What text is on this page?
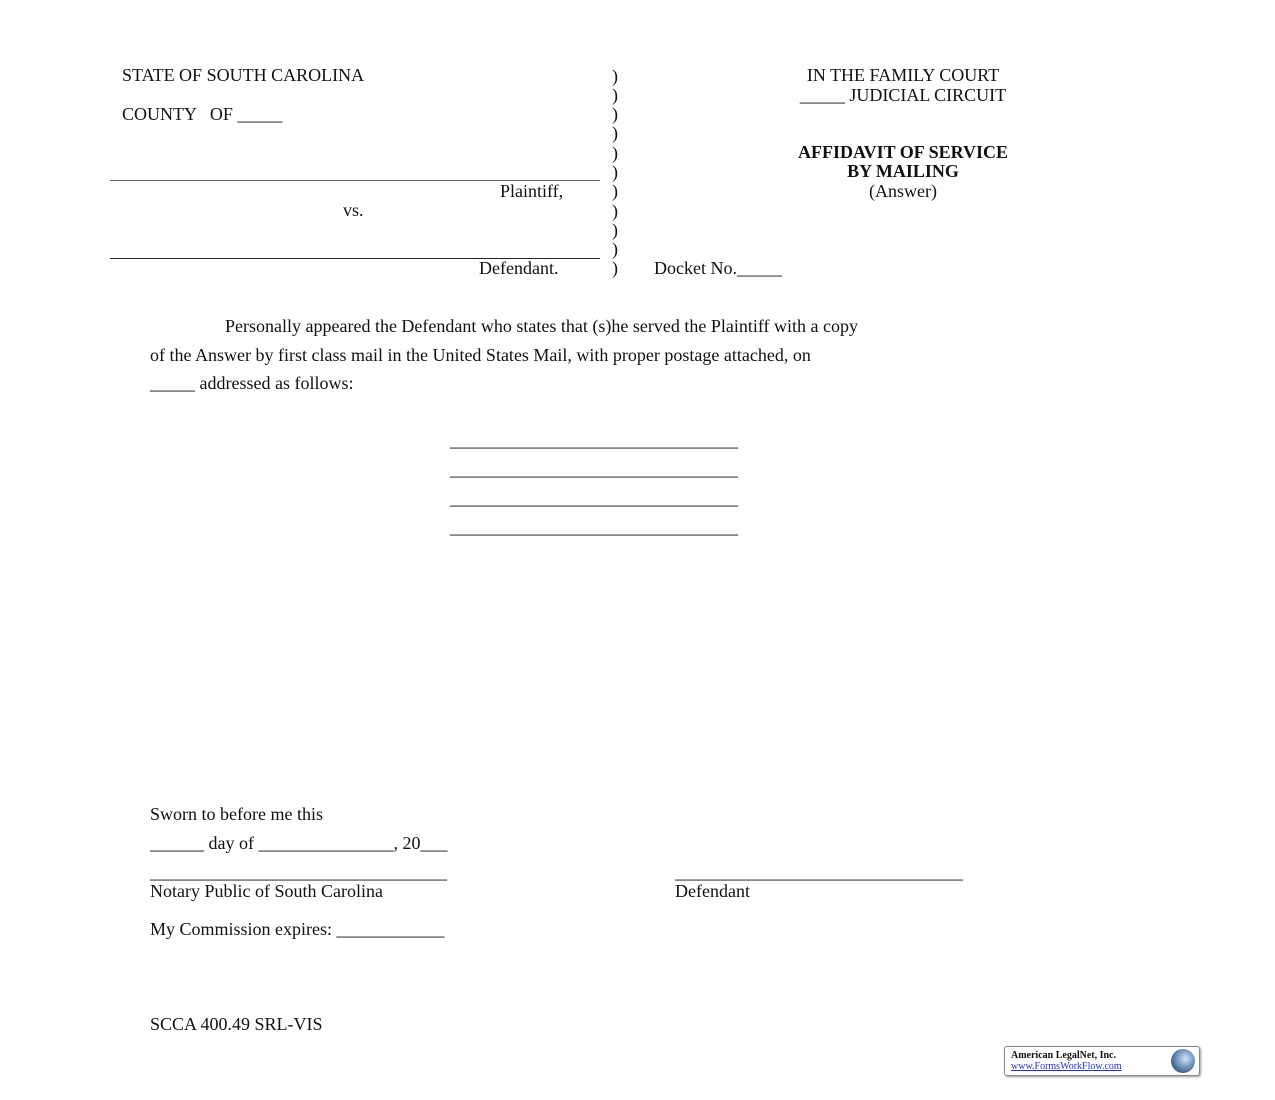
STATE OF SOUTH CAROLINA
COUNTY   OF _____
Plaintiff,
vs.
Defendant.
)
)
)
)
)
)
)
)
)
)
)
IN THE FAMILY COURT
_____ JUDICIAL CIRCUIT
AFFIDAVIT OF SERVICE
BY MAILING
(Answer)
Docket No._____
Personally appeared the Defendant who states that (s)he served the Plaintiff with a copy
of the Answer by first class mail in the United States Mail, with proper postage attached, on
_____ addressed as follows:
________________________________
________________________________
________________________________
________________________________
Sworn to before me this
______ day of _______________, 20___
_________________________________
Notary Public of South Carolina
________________________________
Defendant
My Commission expires: ____________
SCCA 400.49 SRL-VIS
American LegalNet, Inc.
www.FormsWorkFlow.com
